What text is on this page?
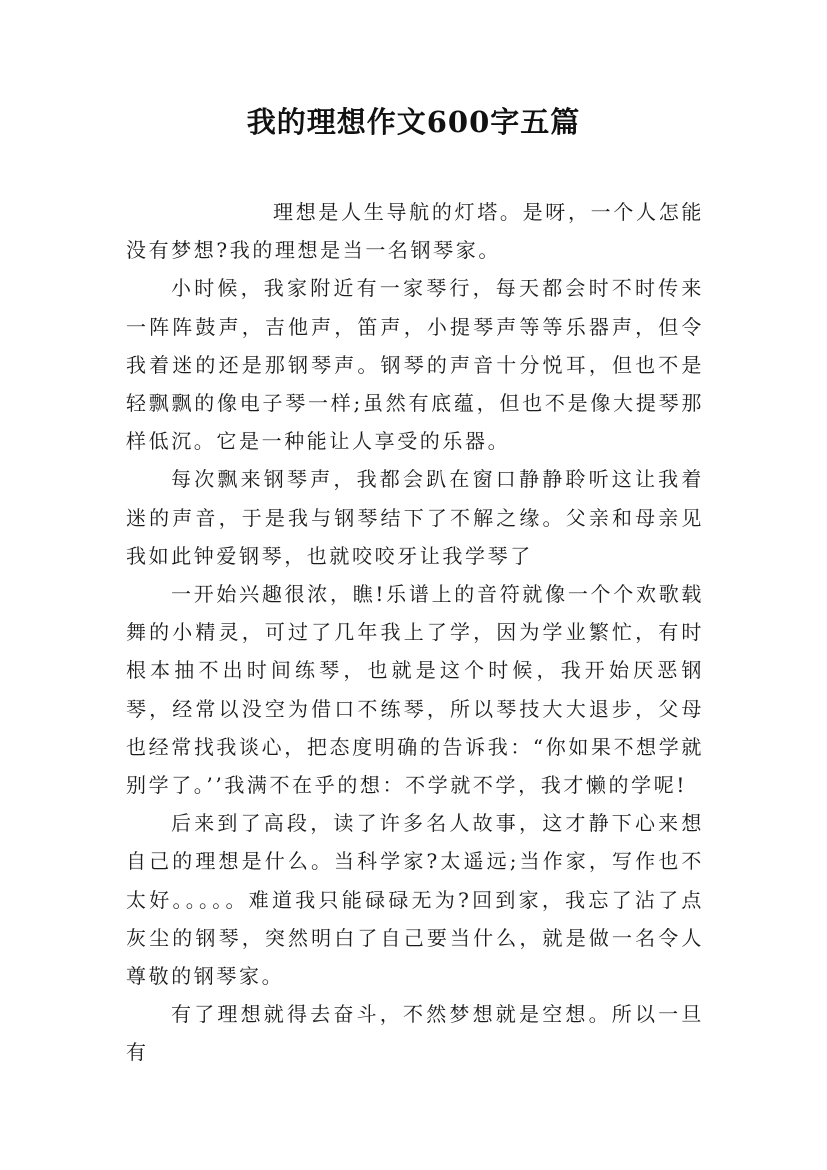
我的理想作文600字五篇

理想是人生导航的灯塔。是呀，一个人怎能没有梦想?我的理想是当一名钢琴家。

小时候，我家附近有一家琴行，每天都会时不时传来一阵阵鼓声，吉他声，笛声，小提琴声等等乐器声，但令我着迷的还是那钢琴声。钢琴的声音十分悦耳，但也不是轻飘飘的像电子琴一样;虽然有底蕴，但也不是像大提琴那样低沉。它是一种能让人享受的乐器。

每次飘来钢琴声，我都会趴在窗口静静聆听这让我着迷的声音，于是我与钢琴结下了不解之缘。父亲和母亲见我如此钟爱钢琴，也就咬咬牙让我学琴了

一开始兴趣很浓，瞧!乐谱上的音符就像一个个欢歌载舞的小精灵，可过了几年我上了学，因为学业繁忙，有时根本抽不出时间练琴，也就是这个时候，我开始厌恶钢琴，经常以没空为借口不练琴，所以琴技大大退步，父母也经常找我谈心，把态度明确的告诉我：“你如果不想学就别学了。’’我满不在乎的想：不学就不学，我才懒的学呢!

后来到了高段，读了许多名人故事，这才静下心来想自己的理想是什么。当科学家?太遥远;当作家，写作也不太好。。。。。难道我只能碌碌无为?回到家，我忘了沾了点灰尘的钢琴，突然明白了自己要当什么，就是做一名令人尊敬的钢琴家。

有了理想就得去奋斗，不然梦想就是空想。所以一旦有
